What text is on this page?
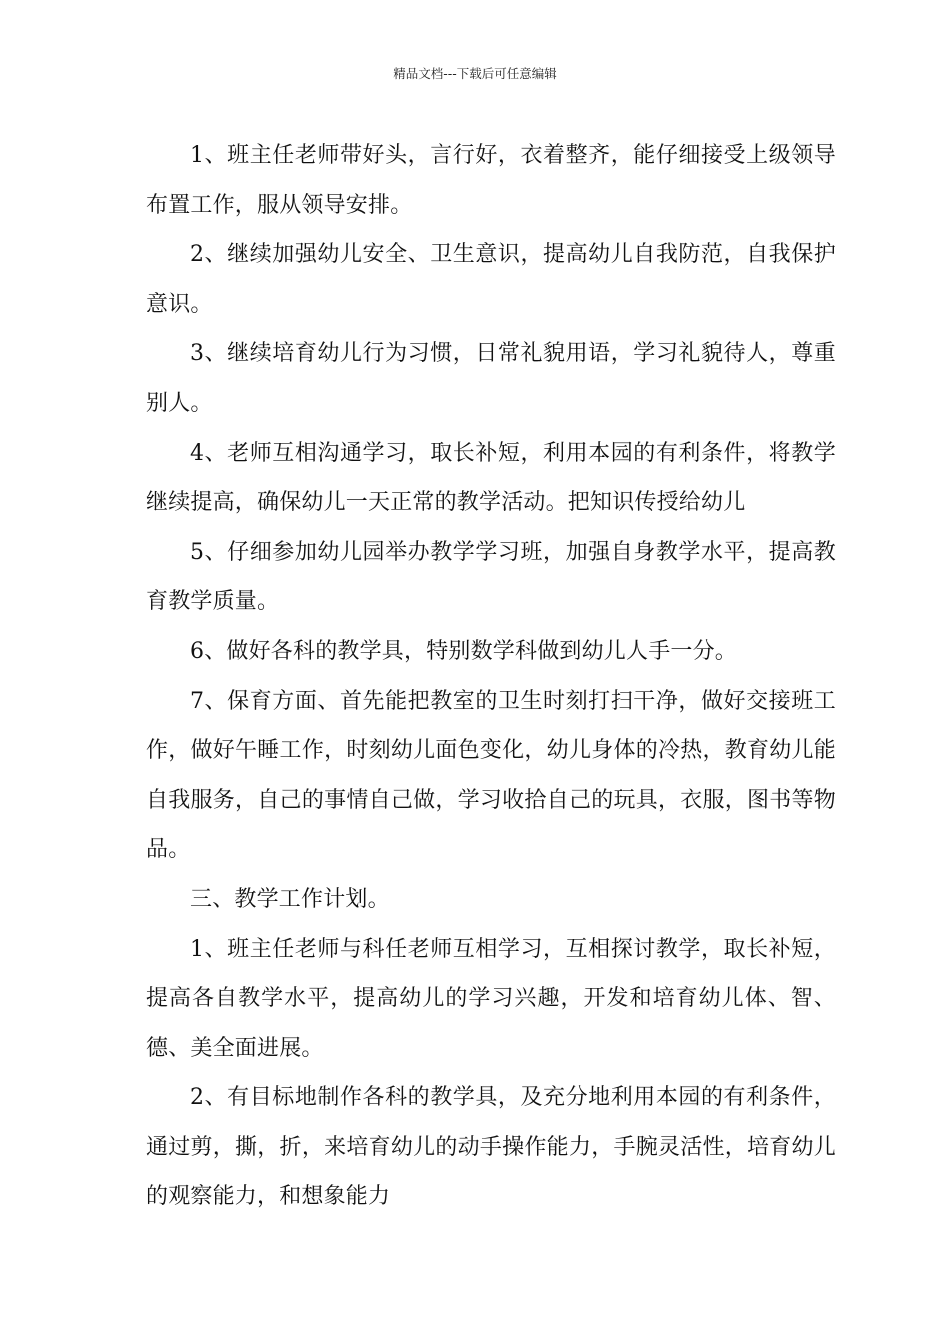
精品文档---下载后可任意编辑

1、班主任老师带好头，言行好，衣着整齐，能仔细接受上级领导布置工作，服从领导安排。

2、继续加强幼儿安全、卫生意识，提高幼儿自我防范，自我保护意识。

3、继续培育幼儿行为习惯，日常礼貌用语，学习礼貌待人，尊重别人。

4、老师互相沟通学习，取长补短，利用本园的有利条件，将教学继续提高，确保幼儿一天正常的教学活动。把知识传授给幼儿

5、仔细参加幼儿园举办教学学习班，加强自身教学水平，提高教育教学质量。

6、做好各科的教学具，特别数学科做到幼儿人手一分。

7、保育方面、首先能把教室的卫生时刻打扫干净，做好交接班工作，做好午睡工作，时刻幼儿面色变化，幼儿身体的冷热，教育幼儿能自我服务，自己的事情自己做，学习收拾自己的玩具，衣服，图书等物品。

三、教学工作计划。

1、班主任老师与科任老师互相学习，互相探讨教学，取长补短，提高各自教学水平，提高幼儿的学习兴趣，开发和培育幼儿体、智、德、美全面进展。

2、有目标地制作各科的教学具，及充分地利用本园的有利条件，通过剪，撕，折，来培育幼儿的动手操作能力，手腕灵活性，培育幼儿的观察能力，和想象能力
